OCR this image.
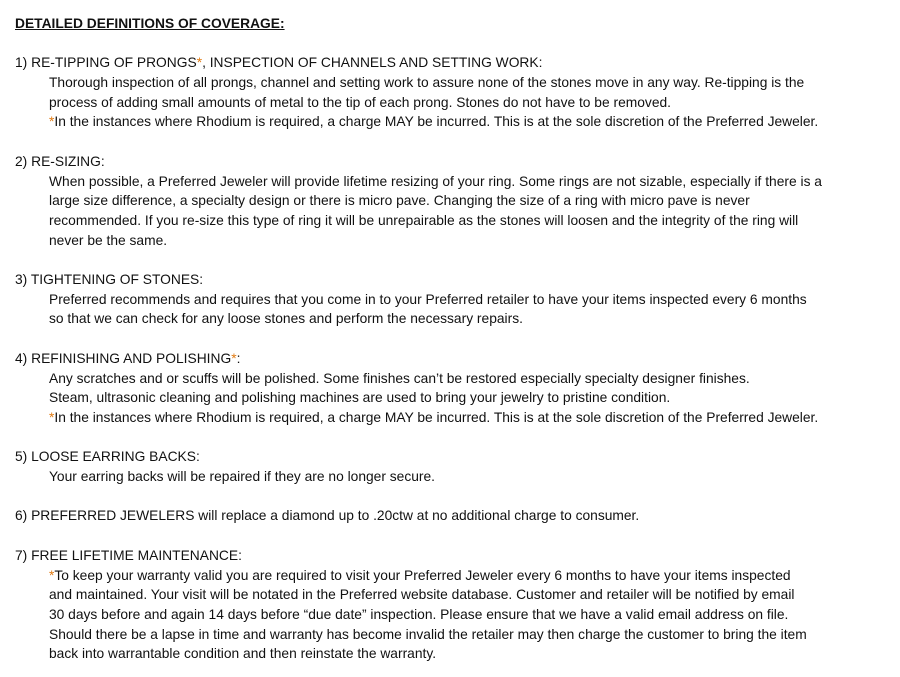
DETAILED DEFINITIONS OF COVERAGE:
1) RE-TIPPING OF PRONGS*, INSPECTION OF CHANNELS AND SETTING WORK:
Thorough inspection of all prongs, channel and setting work to assure none of the stones move in any way. Re-tipping is the
process of adding small amounts of metal to the tip of each prong. Stones do not have to be removed.
*In the instances where Rhodium is required, a charge MAY be incurred. This is at the sole discretion of the Preferred Jeweler.
2) RE-SIZING:
When possible, a Preferred Jeweler will provide lifetime resizing of your ring. Some rings are not sizable, especially if there is a
large size difference, a specialty design or there is micro pave. Changing the size of a ring with micro pave is never
recommended. If you re-size this type of ring it will be unrepairable as the stones will loosen and the integrity of the ring will
never be the same.
3) TIGHTENING OF STONES:
Preferred recommends and requires that you come in to your Preferred retailer to have your items inspected every 6 months
so that we can check for any loose stones and perform the necessary repairs.
4) REFINISHING AND POLISHING*:
Any scratches and or scuffs will be polished. Some finishes can’t be restored especially specialty designer finishes.
Steam, ultrasonic cleaning and polishing machines are used to bring your jewelry to pristine condition.
*In the instances where Rhodium is required, a charge MAY be incurred. This is at the sole discretion of the Preferred Jeweler.
5) LOOSE EARRING BACKS:
Your earring backs will be repaired if they are no longer secure.
6) PREFERRED JEWELERS will replace a diamond up to .20ctw at no additional charge to consumer.
7) FREE LIFETIME MAINTENANCE:
*To keep your warranty valid you are required to visit your Preferred Jeweler every 6 months to have your items inspected
and maintained. Your visit will be notated in the Preferred website database. Customer and retailer will be notified by email
30 days before and again 14 days before “due date” inspection. Please ensure that we have a valid email address on file.
Should there be a lapse in time and warranty has become invalid the retailer may then charge the customer to bring the item
back into warrantable condition and then reinstate the warranty.
